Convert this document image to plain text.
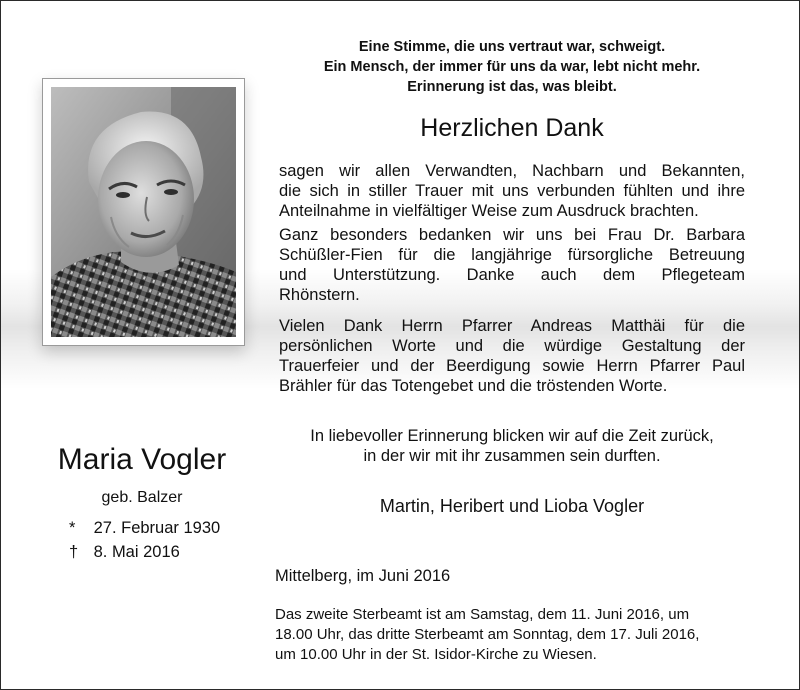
Eine Stimme, die uns vertraut war, schweigt.
Ein Mensch, der immer für uns da war, lebt nicht mehr.
Erinnerung ist das, was bleibt.
Herzlichen Dank
sagen wir allen Verwandten, Nachbarn und Bekannten,
die sich in stiller Trauer mit uns verbunden fühlten und ihre
Anteilnahme in vielfältiger Weise zum Ausdruck brachten.
Ganz besonders bedanken wir uns bei Frau Dr. Barbara
Schüßler-Fien für die langjährige fürsorgliche Betreuung
und Unterstützung. Danke auch dem Pflegeteam
Rhönstern.
Vielen Dank Herrn Pfarrer Andreas Matthäi für die
persönlichen Worte und die würdige Gestaltung der
Trauerfeier und der Beerdigung sowie Herrn Pfarrer Paul
Brähler für das Totengebet und die tröstenden Worte.
In liebevoller Erinnerung blicken wir auf die Zeit zurück,
in der wir mit ihr zusammen sein durften.
Martin, Heribert und Lioba Vogler
Mittelberg, im Juni 2016
Das zweite Sterbeamt ist am Samstag, dem 11. Juni 2016, um
18.00 Uhr, das dritte Sterbeamt am Sonntag, dem 17. Juli 2016,
um 10.00 Uhr in der St. Isidor-Kirche zu Wiesen.
Maria Vogler
geb. Balzer
* 27. Februar 1930
† 8. Mai 2016
